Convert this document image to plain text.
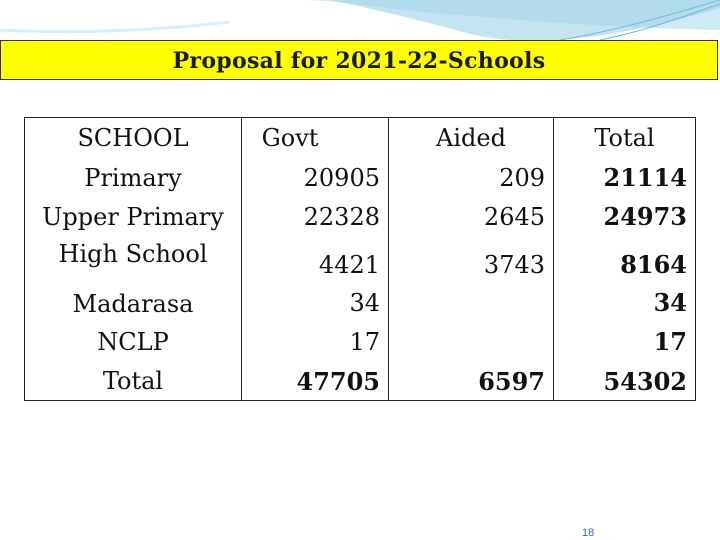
Proposal for 2021-22-Schools
SCHOOL
Primary
Upper Primary
High School
Madarasa
NCLP
Total
Govt
20905
22328
4421
34
17
47705
Aided
209
2645
3743
6597
Total
21114
24973
8164
34
17
54302
18
